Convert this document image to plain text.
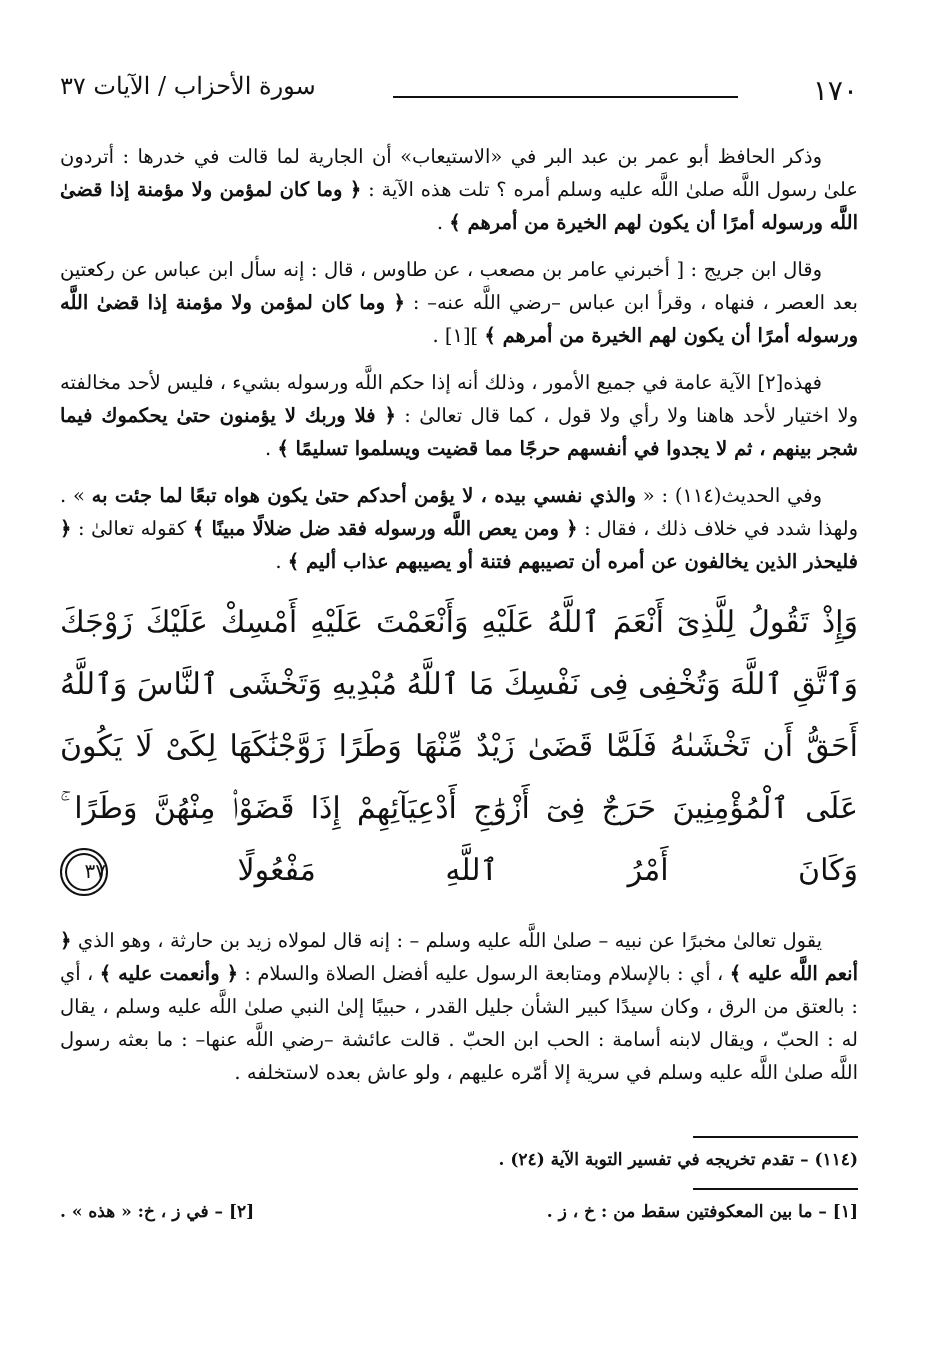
١٧٠
سورة الأحزاب / الآيات ٣٧

وذكر الحافظ أبو عمر بن عبد البر في «الاستيعاب» أن الجارية لما قالت في خدرها : أتردون علىٰ رسول اللَّه صلىٰ اللَّه عليه وسلم أمره ؟ تلت هذه الآية : ﴿ وما كان لمؤمن ولا مؤمنة إذا قضىٰ اللَّه ورسوله أمرًا أن يكون لهم الخيرة من أمرهم ﴾ .

وقال ابن جريج : [ أخبرني عامر بن مصعب ، عن طاوس ، قال : إنه سأل ابن عباس عن ركعتين بعد العصر ، فنهاه ، وقرأ ابن عباس –رضي اللَّه عنه– : ﴿ وما كان لمؤمن ولا مؤمنة إذا قضىٰ اللَّه ورسوله أمرًا أن يكون لهم الخيرة من أمرهم ﴾ ][١] .

فهذه[٢] الآية عامة في جميع الأمور ، وذلك أنه إذا حكم اللَّه ورسوله بشيء ، فليس لأحد مخالفته ولا اختيار لأحد هاهنا ولا رأي ولا قول ، كما قال تعالىٰ : ﴿ فلا وربك لا يؤمنون حتىٰ يحكموك فيما شجر بينهم ، ثم لا يجدوا في أنفسهم حرجًا مما قضيت ويسلموا تسليمًا ﴾ .

وفي الحديث(١١٤) : « والذي نفسي بيده ، لا يؤمن أحدكم حتىٰ يكون هواه تبعًا لما جئت به » . ولهذا شدد في خلاف ذلك ، فقال : ﴿ ومن يعص اللَّه ورسوله فقد ضل ضلالًا مبينًا ﴾ كقوله تعالىٰ : ﴿ فليحذر الذين يخالفون عن أمره أن تصيبهم فتنة أو يصيبهم عذاب أليم ﴾ .

وَإِذْ تَقُولُ لِلَّذِىٓ أَنْعَمَ ٱللَّهُ عَلَيْهِ وَأَنْعَمْتَ عَلَيْهِ أَمْسِكْ عَلَيْكَ زَوْجَكَ وَٱتَّقِ ٱللَّهَ وَتُخْفِى فِى نَفْسِكَ مَا ٱللَّهُ مُبْدِيهِ وَتَخْشَى ٱلنَّاسَ وَٱللَّهُ أَحَقُّ أَن تَخْشَىٰهُ فَلَمَّا قَضَىٰ زَيْدٌ مِّنْهَا وَطَرًا زَوَّجْنَٰكَهَا لِكَىْ لَا يَكُونَ عَلَى ٱلْمُؤْمِنِينَ حَرَجٌ فِىٓ أَزْوَٰجِ أَدْعِيَآئِهِمْ إِذَا قَضَوْا۟ مِنْهُنَّ وَطَرًا ۚ وَكَانَ أَمْرُ ٱللَّهِ مَفْعُولًا ٣٧

يقول تعالىٰ مخبرًا عن نبيه – صلىٰ اللَّه عليه وسلم – : إنه قال لمولاه زيد بن حارثة ، وهو الذي ﴿ أنعم اللَّه عليه ﴾ ، أي : بالإسلام ومتابعة الرسول عليه أفضل الصلاة والسلام : ﴿ وأنعمت عليه ﴾ ، أي : بالعتق من الرق ، وكان سيدًا كبير الشأن جليل القدر ، حبيبًا إلىٰ النبي صلىٰ اللَّه عليه وسلم ، يقال له : الحبّ ، ويقال لابنه أسامة : الحب ابن الحبّ . قالت عائشة –رضي اللَّه عنها– : ما بعثه رسول اللَّه صلىٰ اللَّه عليه وسلم في سرية إلا أمّره عليهم ، ولو عاش بعده لاستخلفه .

(١١٤) – تقدم تخريجه في تفسير التوبة الآية (٢٤) .

[١] – ما بين المعكوفتين سقط من : خ ، ز .
[٢] – في ز ، خ: « هذه » .
